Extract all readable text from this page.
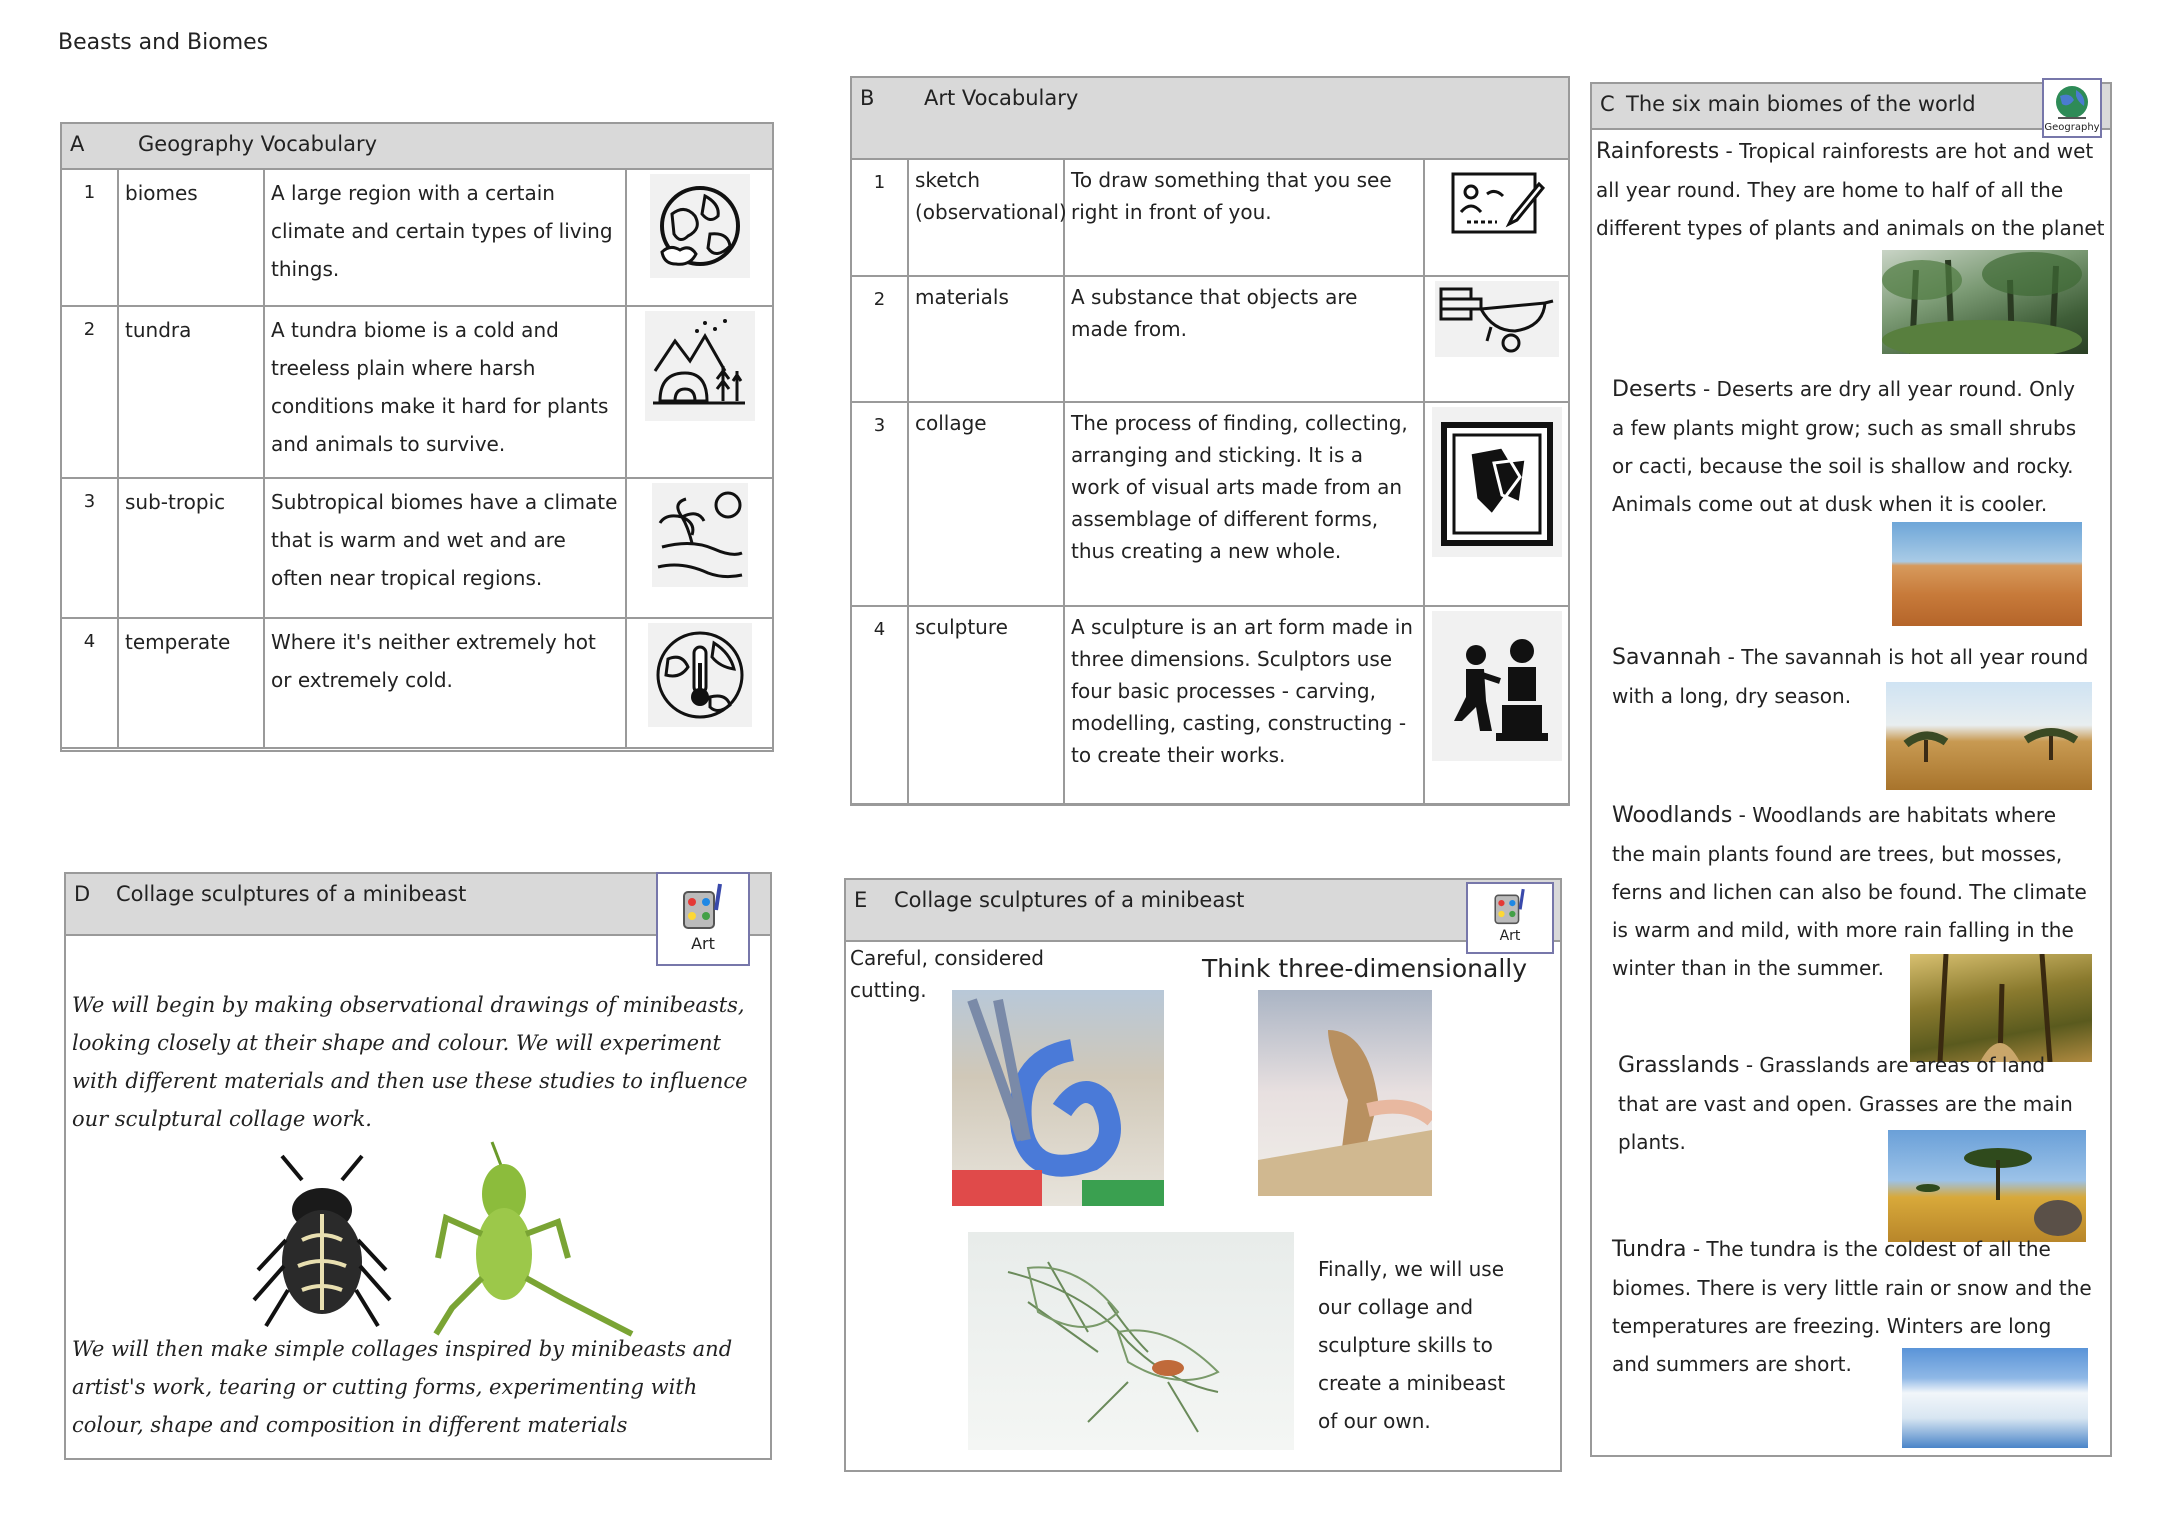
Beasts and Biomes
A	Geography Vocabulary
1	biomes	A large region with a certain climate and certain types of living things.	

2	tundra	A tundra biome is a cold and treeless plain where harsh conditions make it hard for plants and animals to survive.	

3	sub-tropic	Subtropical biomes have a climate that is warm and wet and are often near tropical regions.	

4	temperate	Where it's neither extremely hot or extremely cold.	
B Art Vocabulary
1	sketch (observational)	To draw something that you see right in front of you.	
2	materials	A substance that objects are made from.	

3	collage	The process of finding, collecting, arranging and sticking. It is a work of visual arts made from an assemblage of different forms, thus creating a new whole.	

4	sculpture	A sculpture is an art form made in three dimensions. Sculptors use four basic processes - carving, modelling, casting, constructing - to create their works.	
C The six main biomes of the world
Geography
Rainforests - Tropical rainforests are hot and wet all year round. They are home to half of all the different types of plants and animals on the planet
Deserts - Deserts are dry all year round. Only a few plants might grow; such as small shrubs or cacti, because the soil is shallow and rocky. Animals come out at dusk when it is cooler.
Savannah - The savannah is hot all year round with a long, dry season.
Woodlands - Woodlands are habitats where the main plants found are trees, but mosses, ferns and lichen can also be found. The climate is warm and mild, with more rain falling in the winter than in the summer.
Grasslands - Grasslands are areas of land that are vast and open. Grasses are the main plants.
Tundra - The tundra is the coldest of all the biomes. There is very little rain or snow and the temperatures are freezing. Winters are long and summers are short.
D Collage sculptures of a minibeast
Art
We will begin by making observational drawings of minibeasts, looking closely at their shape and colour. We will experiment with different materials and then use these studies to influence our sculptural collage work.
We will then make simple collages inspired by minibeasts and artist's work, tearing or cutting forms, experimenting with colour, shape and composition in different materials
E Collage sculptures of a minibeast
Art
Careful, considered cutting.
Think three-dimensionally
Finally, we will use our collage and sculpture skills to create a minibeast of our own.
